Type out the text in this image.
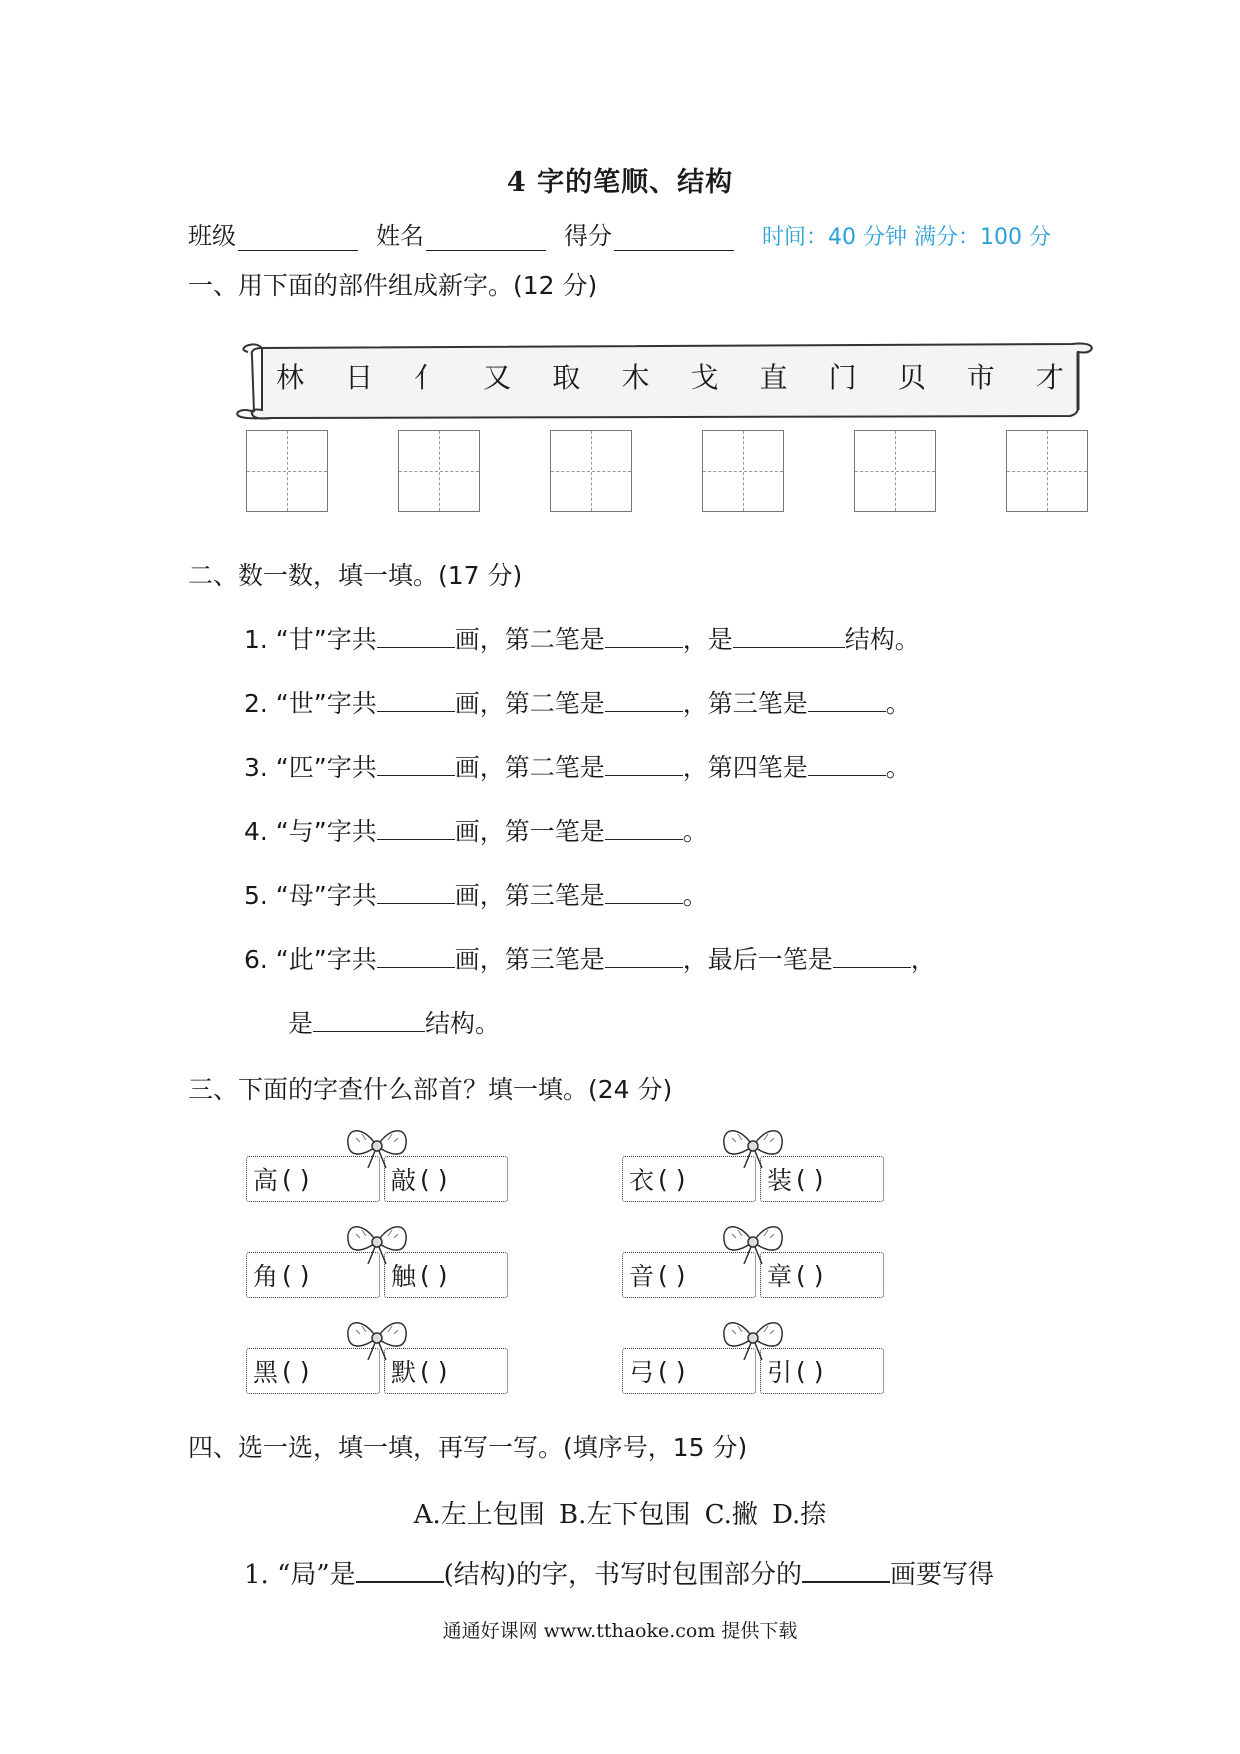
4 字的笔顺、结构
班级	姓名	得分	时间：40 分钟 满分：100 分
一、用下面的部件组成新字。(12 分)
林 日 亻 又 取 木 戈 直 门 贝 市 才
二、数一数，填一填。(17 分)
1. “甘”字共	画，第二笔是	，是	结构。
2. “世”字共	画，第二笔是	，第三笔是	。
3. “匹”字共	画，第二笔是	，第四笔是	。
4. “与”字共	画，第一笔是	。
5. “母”字共	画，第三笔是	。
6. “此”字共	画，第三笔是	，最后一笔是	，
是	结构。
三、下面的字查什么部首？填一填。(24 分)
高 ( )	敲 ( )	衣 ( )	装 ( )
角 ( )	触 ( )	音 ( )	章 ( )
黑 ( )	默 ( )	弓 ( )	引 ( )
四、选一选，填一填，再写一写。(填序号，15 分)
A.左上包围 B.左下包围 C.撇 D.捺
1. “局”是	(结构)的字，书写时包围部分的	画要写得
通通好课网 www.tthaoke.com 提供下载
